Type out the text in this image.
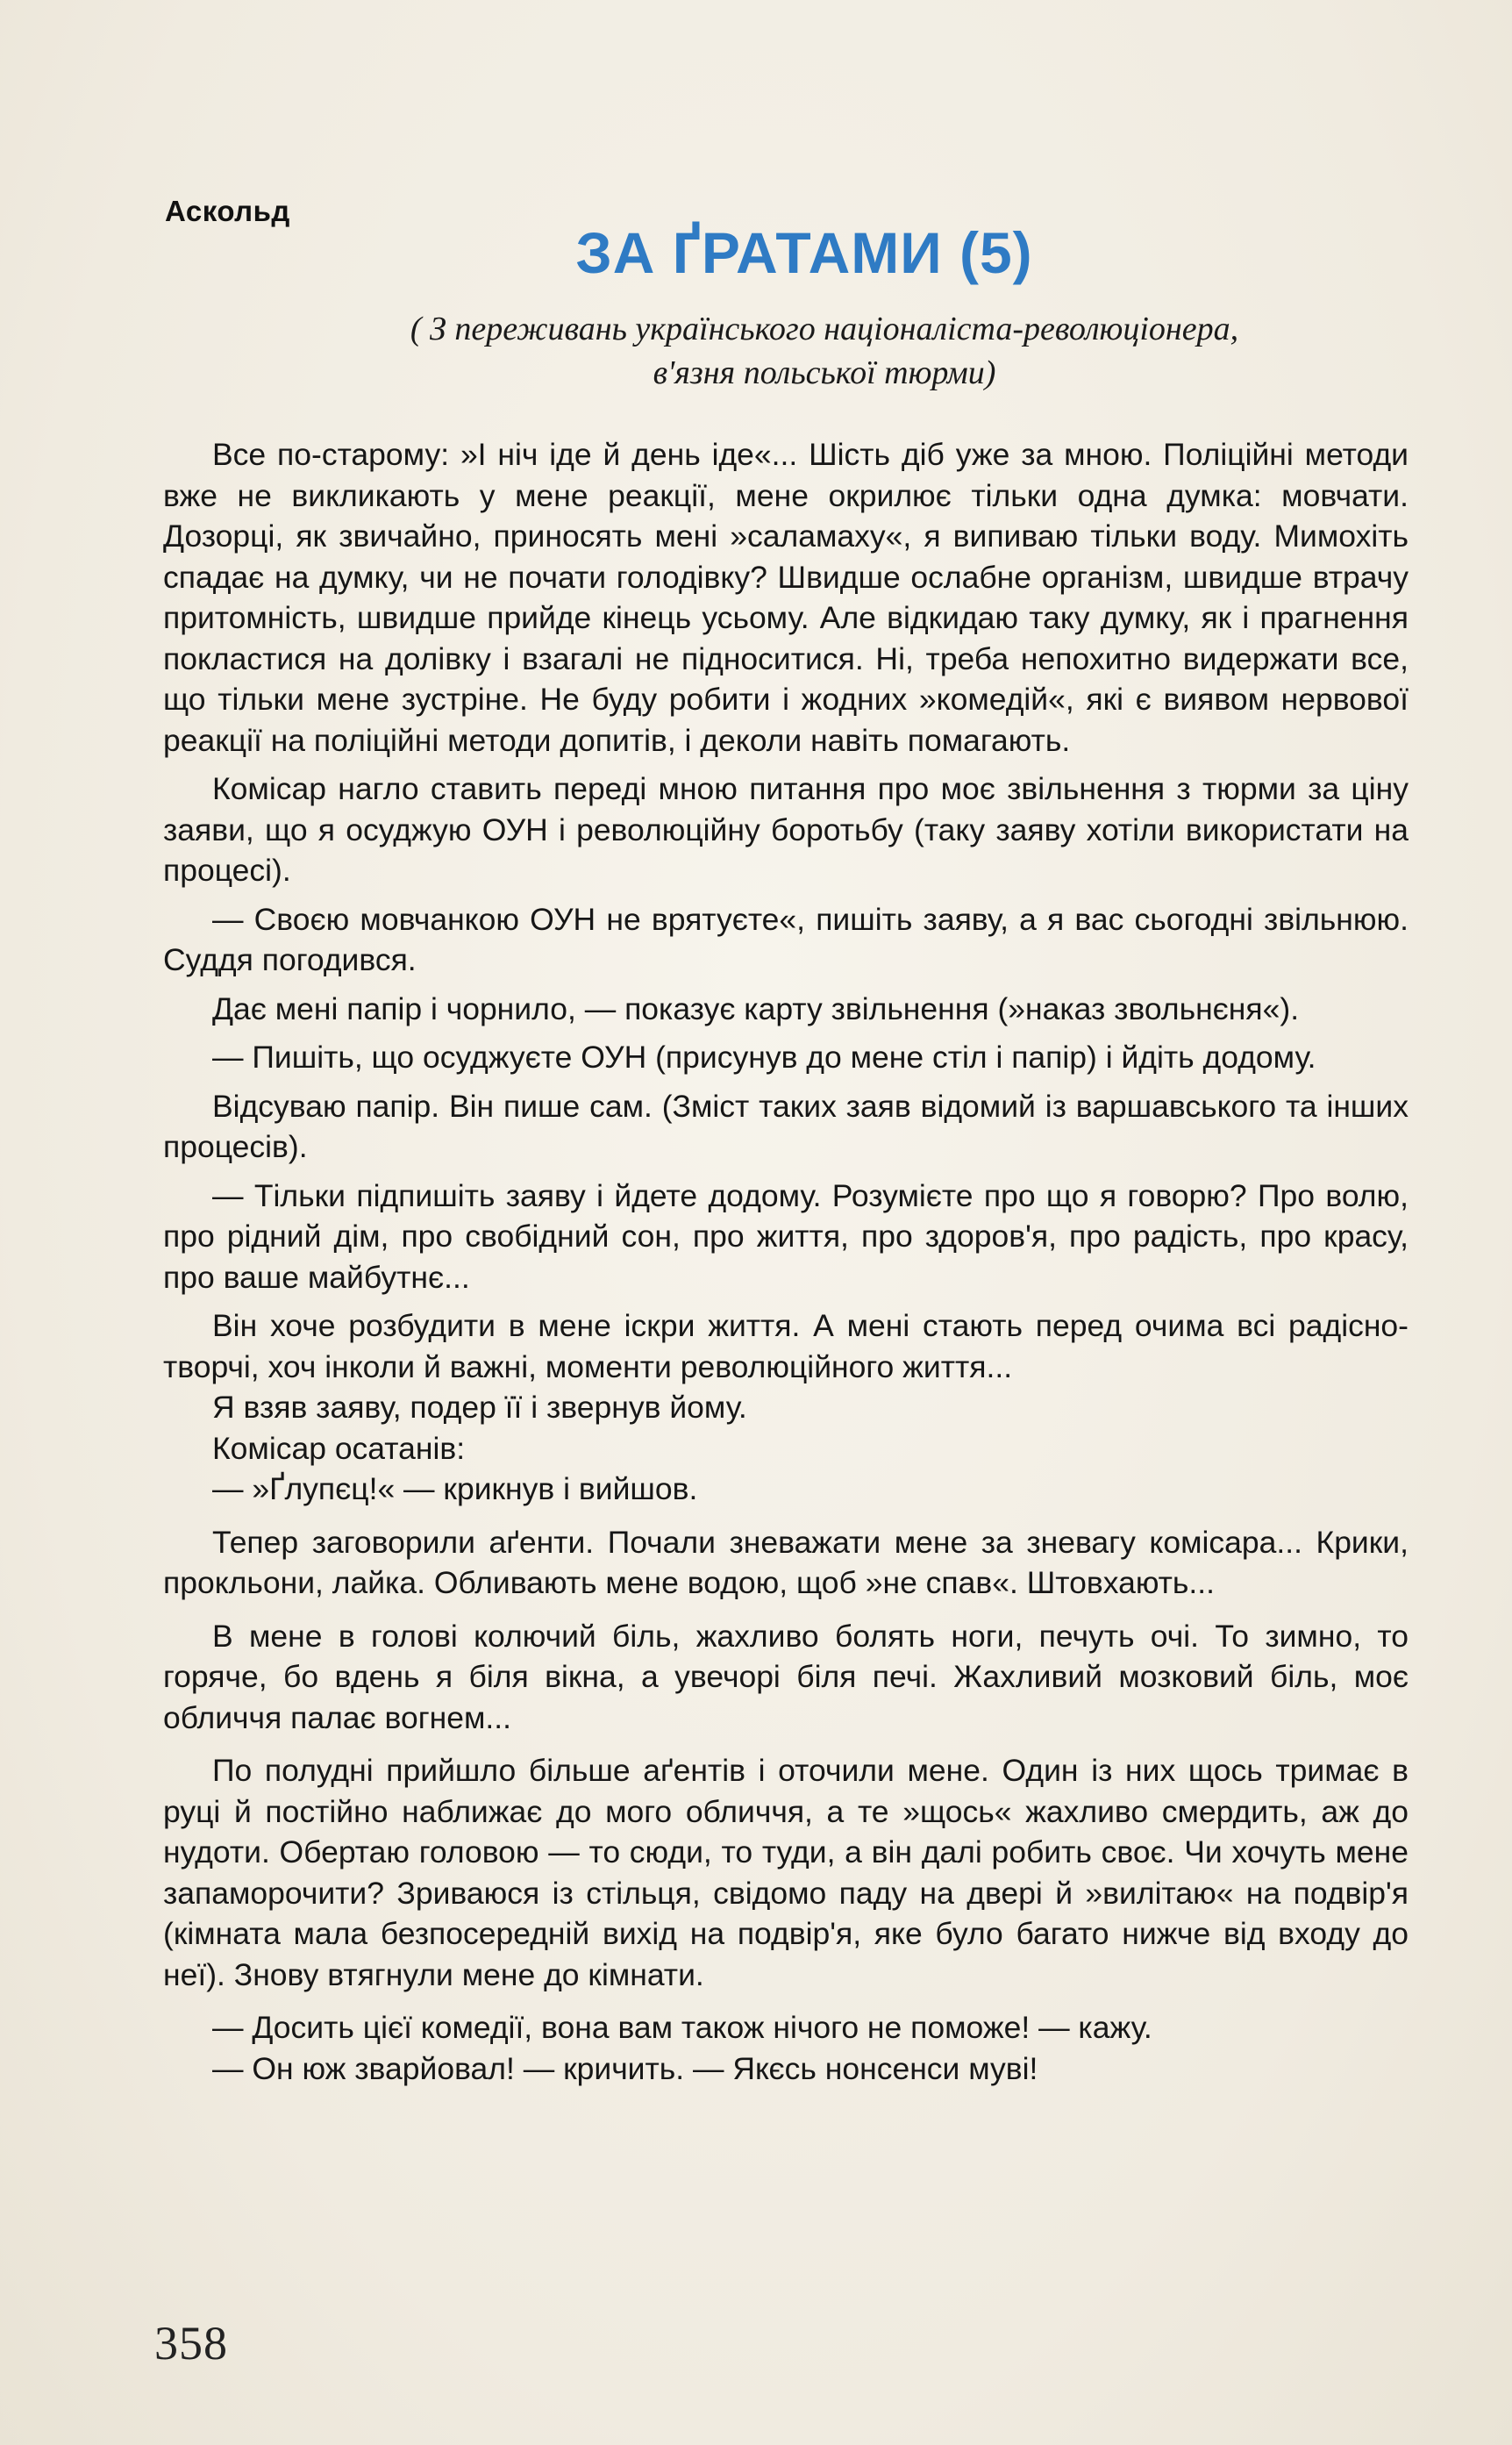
Аскольд
ЗА ҐРАТАМИ (5)
( З переживань українського націоналіста-революціонера,
в'язня польської тюрми)

Все по-старому: »І ніч іде й день іде«... Шість діб уже за мною. Поліційні методи вже не викликають у мене реакції, мене окрилює тільки одна думка: мовчати. Дозорці, як звичайно, приносять мені »саламаху«, я випиваю тільки воду. Мимохіть спадає на думку, чи не почати голодівку? Швидше ослабне організм, швидше втрачу притомність, швидше прийде кінець усьому. Але відкидаю таку думку, як і прагнення покластися на долівку і взагалі не підноситися. Ні, треба непохитно видержати все, що тільки мене зустріне. Не буду робити і жодних »комедій«, які є виявом нервової реакції на поліційні методи допитів, і деколи навіть помагають.

Комісар нагло ставить переді мною питання про моє звільнення з тюрми за ціну заяви, що я осуджую ОУН і революційну боротьбу (таку заяву хотіли використати на процесі).

— Своєю мовчанкою ОУН не врятуєте«, пишіть заяву, а я вас сьогодні звільнюю. Суддя погодився.

Дає мені папір і чорнило, — показує карту звільнення (»наказ звольнєня«).

— Пишіть, що осуджуєте ОУН (присунув до мене стіл і папір) і йдіть додому.

Відсуваю папір. Він пише сам. (Зміст таких заяв відомий із варшавського та інших процесів).

— Тільки підпишіть заяву і йдете додому. Розумієте про що я говорю? Про волю, про рідний дім, про свобідний сон, про життя, про здоров'я, про радість, про красу, про ваше майбутнє...

Він хоче розбудити в мене іскри життя. А мені стають перед очима всі радісно-творчі, хоч інколи й важні, моменти революційного життя...

Я взяв заяву, подер її і звернув йому.

Комісар осатанів:

— »Ґлупєц!« — крикнув і вийшов.

Тепер заговорили аґенти. Почали зневажати мене за зневагу комісара... Крики, прокльони, лайка. Обливають мене водою, щоб »не спав«. Штовхають...

В мене в голові колючий біль, жахливо болять ноги, печуть очі. То зимно, то горяче, бо вдень я біля вікна, а увечорі біля печі. Жахливий мозковий біль, моє обличчя палає вогнем...

По полудні прийшло більше аґентів і оточили мене. Один із них щось тримає в руці й постійно наближає до мого обличчя, а те »щось« жахливо смердить, аж до нудоти. Обертаю головою — то сюди, то туди, а він далі робить своє. Чи хочуть мене запаморочити? Зриваюся із стільця, свідомо паду на двері й »вилітаю« на подвір'я (кімната мала безпосередній вихід на подвір'я, яке було багато нижче від входу до неї). Знову втягнули мене до кімнати.

— Досить цієї комедії, вона вам також нічого не поможе! — кажу.

— Он юж зварйовал! — кричить. — Якєсь нонсенси муві!

358
